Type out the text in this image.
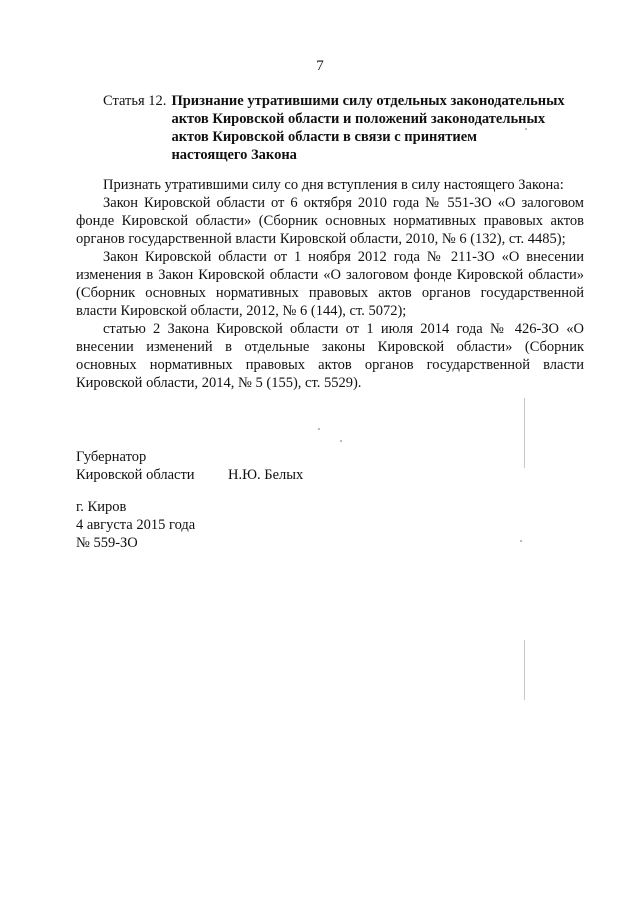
7
Статья 12. Признание утратившими силу отдельных законодательных
актов Кировской области и положений законодательных
актов Кировской области в связи с принятием
настоящего Закона

Признать утратившими силу со дня вступления в силу настоящего Закона:

Закон Кировской области от 6 октября 2010 года № 551-ЗО «О залоговом фонде Кировской области» (Сборник основных нормативных правовых актов органов государственной власти Кировской области, 2010, № 6 (132), ст. 4485);

Закон Кировской области от 1 ноября 2012 года № 211-ЗО «О внесении изменения в Закон Кировской области «О залоговом фонде Кировской области» (Сборник основных нормативных правовых актов органов государственной власти Кировской области, 2012, № 6 (144), ст. 5072);

статью 2 Закона Кировской области от 1 июля 2014 года № 426-ЗО «О внесении изменений в отдельные законы Кировской области» (Сборник основных нормативных правовых актов органов государственной власти Кировской области, 2014, № 5 (155), ст. 5529).

Губернатор
Кировской области	Н.Ю. Белых
г. Киров
4 августа 2015 года
№ 559-ЗО
